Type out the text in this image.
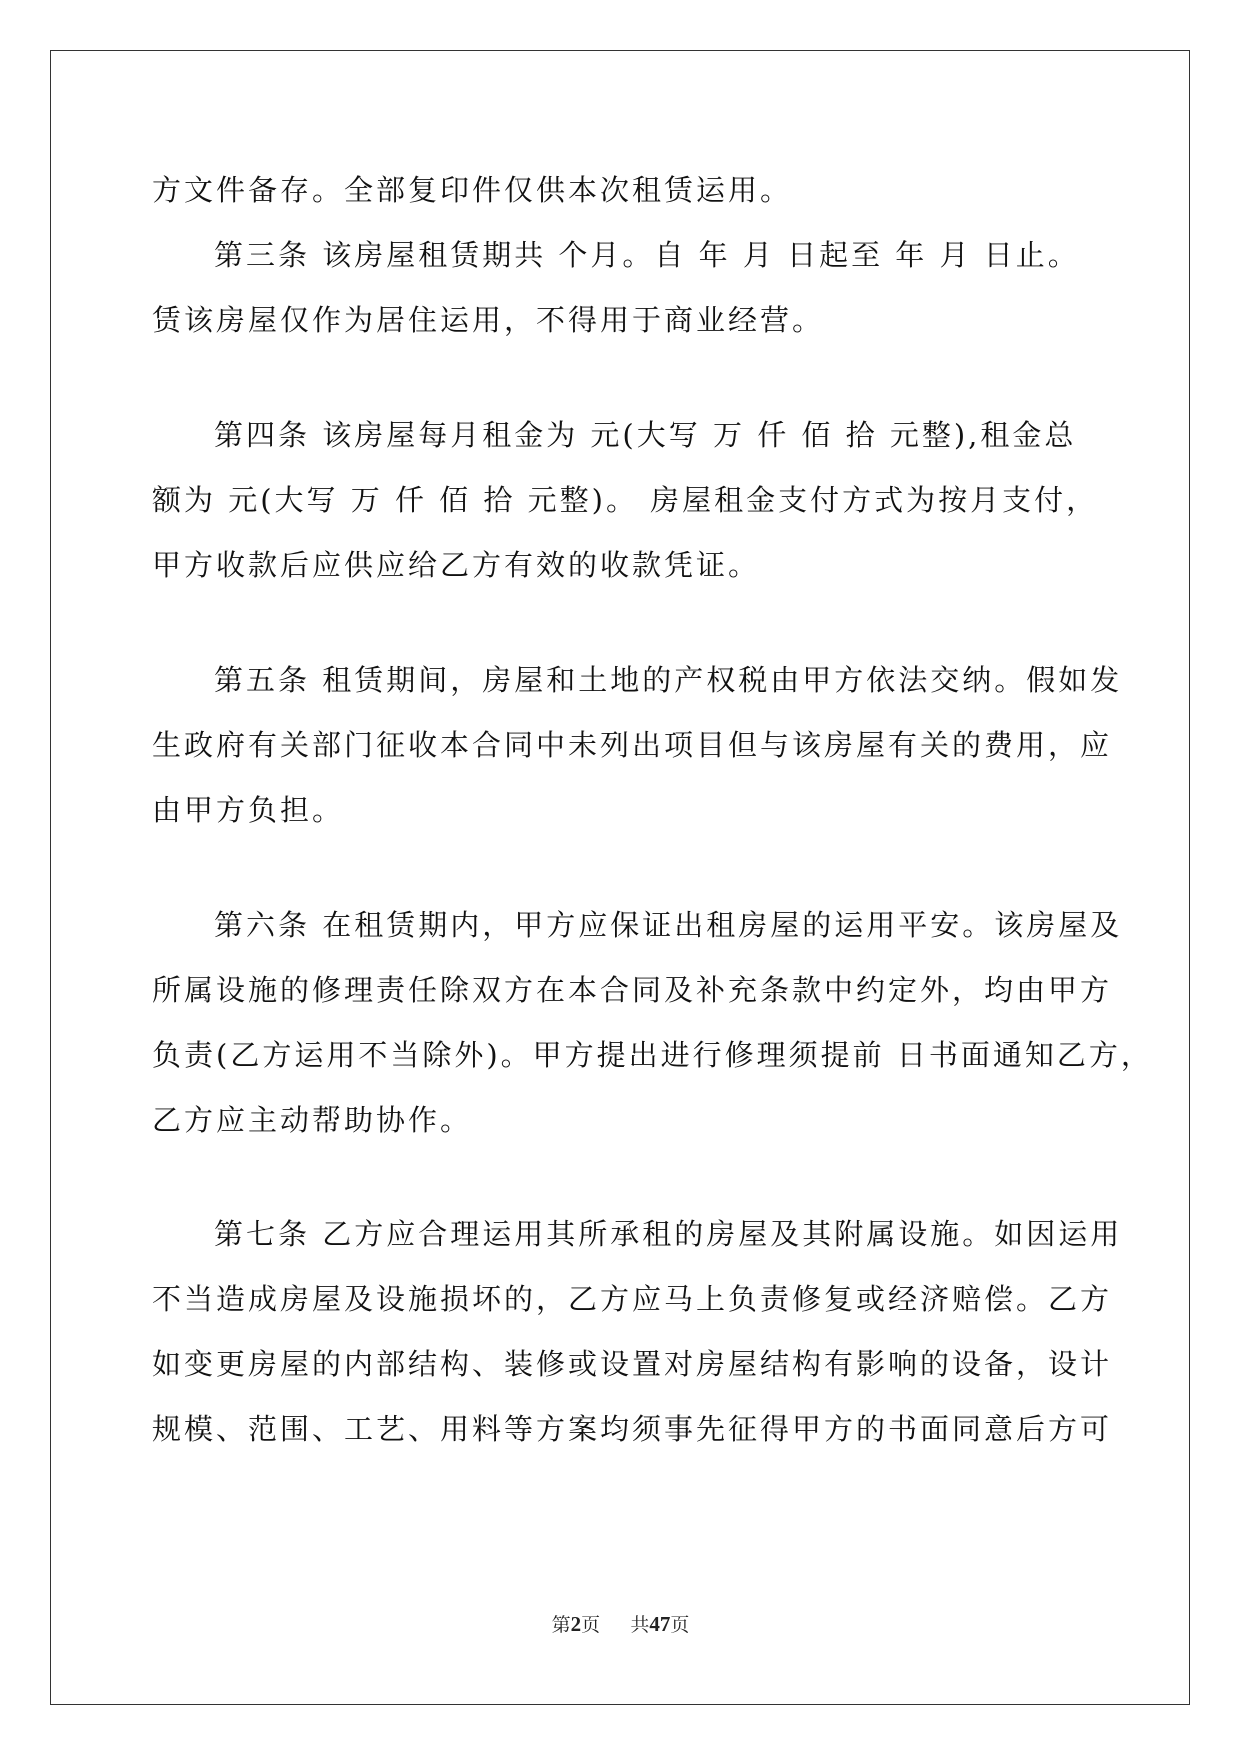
方文件备存。全部复印件仅供本次租赁运用。
第三条 该房屋租赁期共 个月。自 年 月 日起至 年 月 日止。
赁该房屋仅作为居住运用，不得用于商业经营。
第四条 该房屋每月租金为 元(大写 万 仟 佰 拾 元整),租金总
额为 元(大写 万 仟 佰 拾 元整)。 房屋租金支付方式为按月支付，
甲方收款后应供应给乙方有效的收款凭证。
第五条 租赁期间，房屋和土地的产权税由甲方依法交纳。假如发
生政府有关部门征收本合同中未列出项目但与该房屋有关的费用，应
由甲方负担。
第六条 在租赁期内，甲方应保证出租房屋的运用平安。该房屋及
所属设施的修理责任除双方在本合同及补充条款中约定外，均由甲方
负责(乙方运用不当除外)。甲方提出进行修理须提前 日书面通知乙方，
乙方应主动帮助协作。
第七条 乙方应合理运用其所承租的房屋及其附属设施。如因运用
不当造成房屋及设施损坏的，乙方应马上负责修复或经济赔偿。乙方
如变更房屋的内部结构、装修或设置对房屋结构有影响的设备，设计
规模、范围、工艺、用料等方案均须事先征得甲方的书面同意后方可
第2页 共47页
